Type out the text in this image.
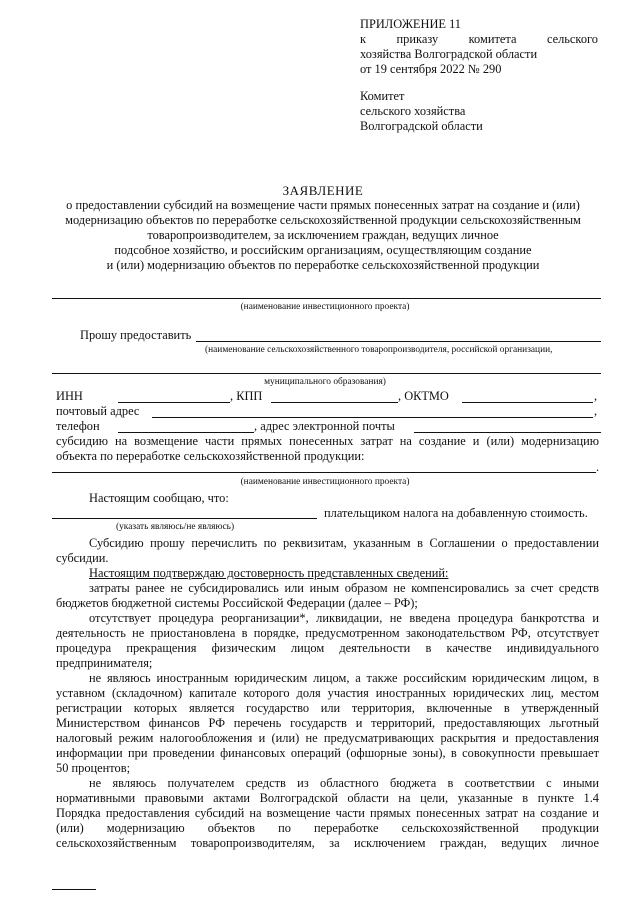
ПРИЛОЖЕНИЕ 11
к приказу комитета сельского
хозяйства Волгоградской области
от 19 сентября 2022 № 290
Комитет
сельского хозяйства
Волгоградской области
ЗАЯВЛЕНИЕ
о предоставлении субсидий на возмещение части прямых понесенных затрат на создание и (или)
модернизацию объектов по переработке сельскохозяйственной продукции сельскохозяйственным
товаропроизводителем, за исключением граждан, ведущих личное
подсобное хозяйство, и российским организациям, осуществляющим создание
и (или) модернизацию объектов по переработке сельскохозяйственной продукции
(наименование инвестиционного проекта)
Прошу предоставить
(наименование сельскохозяйственного товаропроизводителя, российской организации,
муниципального образования)
ИНН	, КПП	, ОКТМО	,
почтовый адрес	,
телефон	, адрес электронной почты
субсидию на возмещение части прямых понесенных затрат на создание и (или) модернизацию
объекта по переработке сельскохозяйственной продукции:
.
(наименование инвестиционного проекта)
Настоящим сообщаю, что:
плательщиком налога на добавленную стоимость.
(указать являюсь/не являюсь)
Субсидию прошу перечислить по реквизитам, указанным в Соглашении о предоставлении
субсидии.
Настоящим подтверждаю достоверность представленных сведений:
затраты ранее не субсидировались или иным образом не компенсировались за счет средств
бюджетов бюджетной системы Российской Федерации (далее – РФ);
отсутствует процедура реорганизации*, ликвидации, не введена процедура банкротства и
деятельность не приостановлена в порядке, предусмотренном законодательством РФ, отсутствует
процедура прекращения физическим лицом деятельности в качестве индивидуального
предпринимателя;
не являюсь иностранным юридическим лицом, а также российским юридическим лицом, в
уставном (складочном) капитале которого доля участия иностранных юридических лиц, местом
регистрации которых является государство или территория, включенные в утвержденный
Министерством финансов РФ перечень государств и территорий, предоставляющих льготный
налоговый режим налогообложения и (или) не предусматривающих раскрытия и предоставления
информации при проведении финансовых операций (офшорные зоны), в совокупности превышает
50 процентов;
не являюсь получателем средств из областного бюджета в соответствии с иными
нормативными правовыми актами Волгоградской области на цели, указанные в пункте 1.4
Порядка предоставления субсидий на возмещение части прямых понесенных затрат на создание и
(или) модернизацию объектов по переработке сельскохозяйственной продукции
сельскохозяйственным товаропроизводителям, за исключением граждан, ведущих личное
